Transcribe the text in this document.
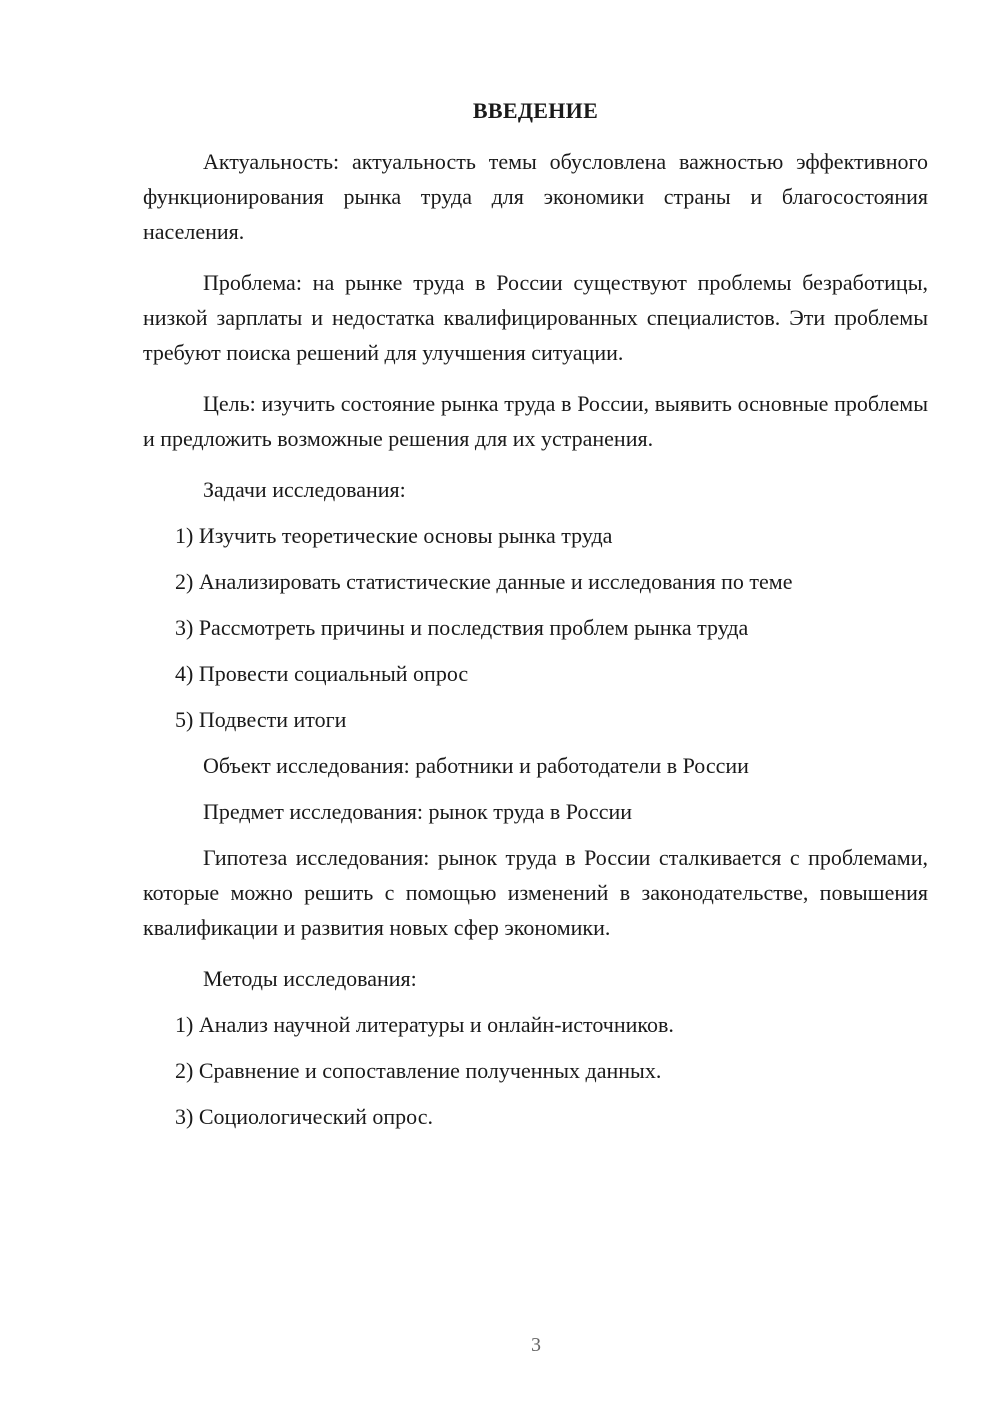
ВВЕДЕНИЕ

Актуальность: актуальность темы обусловлена важностью эффективного функционирования рынка труда для экономики страны и благосостояния населения.

Проблема: на рынке труда в России существуют проблемы безработицы, низкой зарплаты и недостатка квалифицированных специалистов. Эти проблемы требуют поиска решений для улучшения ситуации.

Цель: изучить состояние рынка труда в России, выявить основные проблемы и предложить возможные решения для их устранения.

Задачи исследования:

1) Изучить теоретические основы рынка труда
2) Анализировать статистические данные и исследования по теме
3) Рассмотреть причины и последствия проблем рынка труда
4) Провести социальный опрос
5) Подвести итоги

Объект исследования: работники и работодатели в России

Предмет исследования: рынок труда в России

Гипотеза исследования: рынок труда в России сталкивается с проблемами, которые можно решить с помощью изменений в законодательстве, повышения квалификации и развития новых сфер экономики.

Методы исследования:

1) Анализ научной литературы и онлайн-источников.
2) Сравнение и сопоставление полученных данных.
3) Социологический опрос.
3
